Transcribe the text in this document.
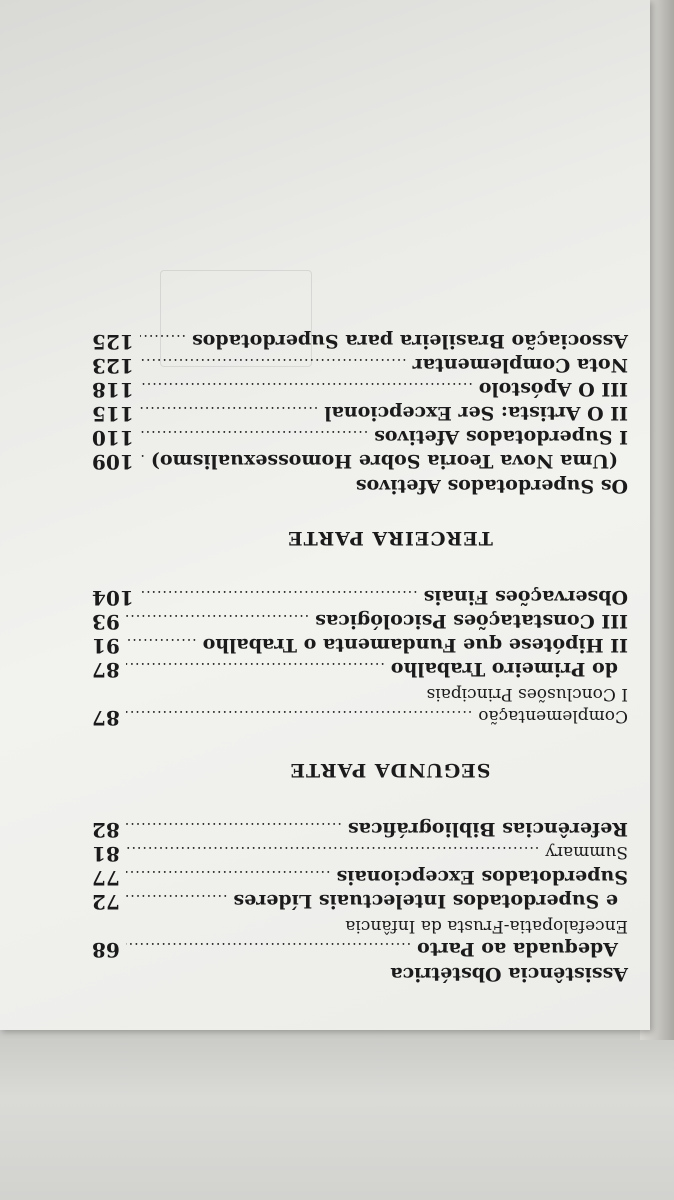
Assistência Obstétrica
Adequada ao Parto
.....
68
Encefalopatia-Frusta da Infância
e Superdotados Intelectuais Líderes
.....
72
Superdotados Excepcionais
.....
77
Summary
.....
81
Referências Bibliográficas
.....
82
SEGUNDA PARTE
Complementação
.....
87
I Conclusões Principais
do Primeiro Trabalho
.....
87
II Hipótese que Fundamenta o Trabalho
.....
91
III Constatações Psicológicas
.....
93
Observações Finais
.....
104
TERCEIRA PARTE
Os Superdotados Afetivos
(Uma Nova Teoria Sobre Homossexualismo)
.....
109
I Superdotados Afetivos
.....
110
II O Artista: Ser Excepcional
.....
115
III O Apóstolo
.....
118
Nota Complementar
.....
123
Associação Brasileira para Superdotados
.....
125
